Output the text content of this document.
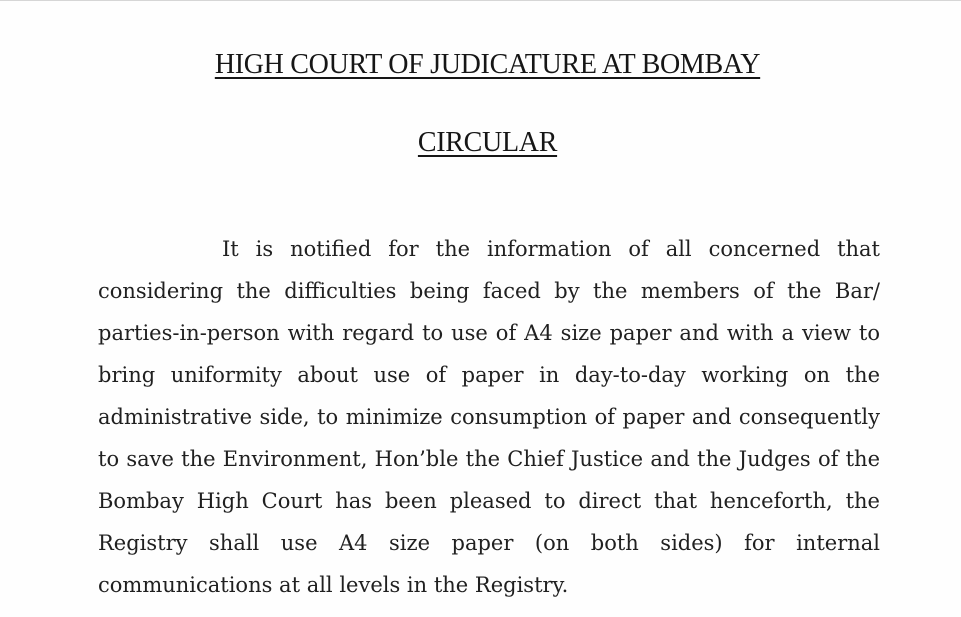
HIGH COURT OF JUDICATURE AT BOMBAY
CIRCULAR

It is notified for the information of all concerned that considering the difficulties being faced by the members of the Bar/ parties-in-person with regard to use of A4 size paper and with a view to bring uniformity about use of paper in day-to-day working on the administrative side, to minimize consumption of paper and consequently to save the Environment, Hon’ble the Chief Justice and the Judges of the Bombay High Court has been pleased to direct that henceforth, the Registry shall use A4 size paper (on both sides) for internal communications at all levels in the Registry.
